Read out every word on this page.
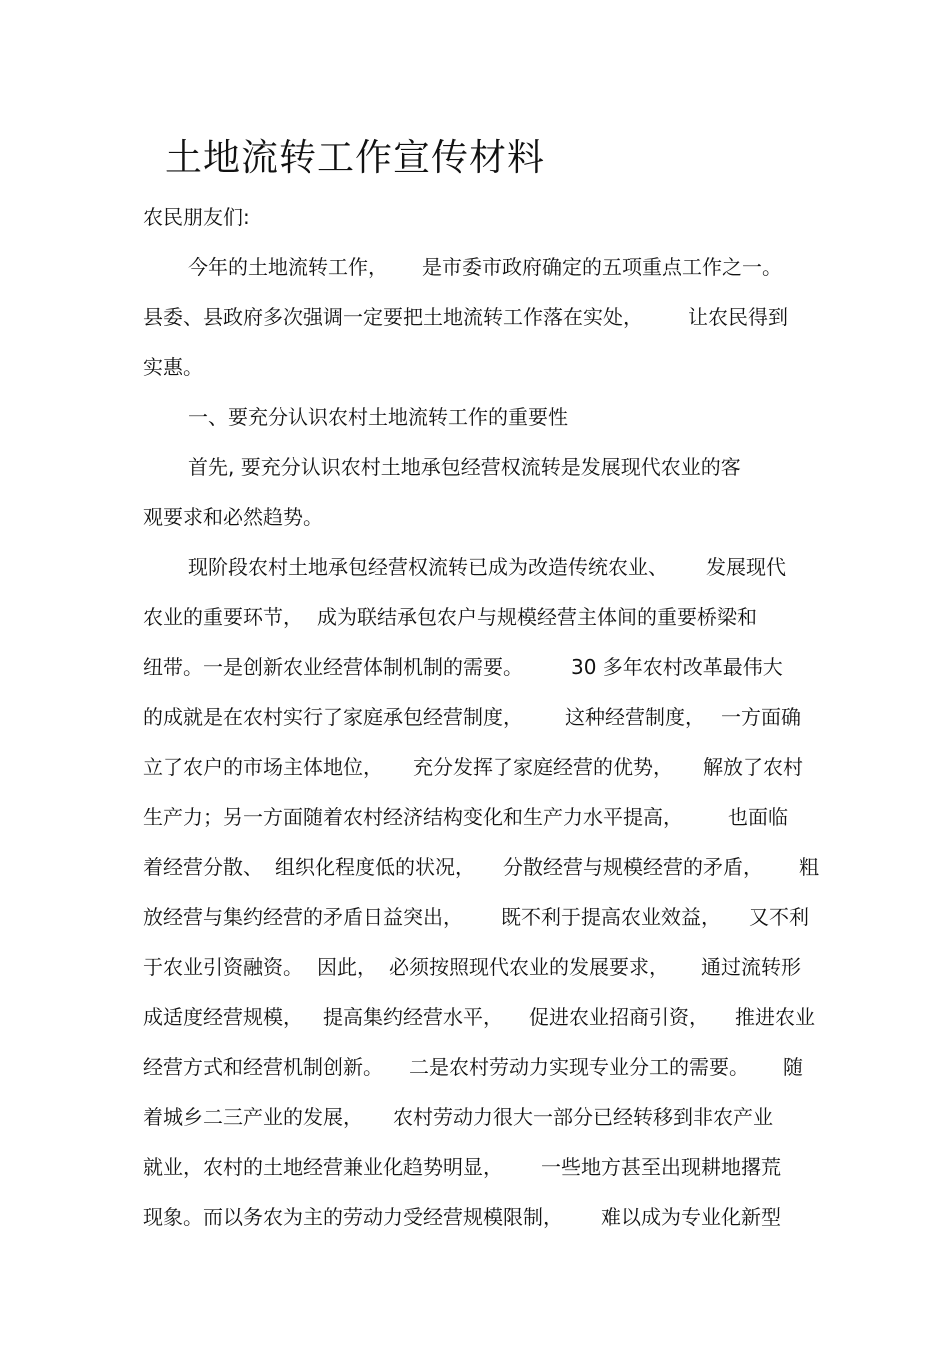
土地流转工作宣传材料

农民朋友们:

今年的土地流转工作， 是市委市政府确定的五项重点工作之一。

县委、县政府多次强调一定要把土地流转工作落在实处， 让农民得到

实惠。

一、要充分认识农村土地流转工作的重要性

首先, 要充分认识农村土地承包经营权流转是发展现代农业的客

观要求和必然趋势。

现阶段农村土地承包经营权流转已成为改造传统农业、 发展现代

农业的重要环节， 成为联结承包农户与规模经营主体间的重要桥梁和

纽带。一是创新农业经营体制机制的需要。 30 多年农村改革最伟大

的成就是在农村实行了家庭承包经营制度， 这种经营制度， 一方面确

立了农户的市场主体地位， 充分发挥了家庭经营的优势， 解放了农村

生产力；另一方面随着农村经济结构变化和生产力水平提高， 也面临

着经营分散、 组织化程度低的状况， 分散经营与规模经营的矛盾， 粗

放经营与集约经营的矛盾日益突出， 既不利于提高农业效益， 又不利

于农业引资融资。 因此， 必须按照现代农业的发展要求， 通过流转形

成适度经营规模， 提高集约经营水平， 促进农业招商引资， 推进农业

经营方式和经营机制创新。 二是农村劳动力实现专业分工的需要。 随

着城乡二三产业的发展， 农村劳动力很大一部分已经转移到非农产业

就业，农村的土地经营兼业化趋势明显， 一些地方甚至出现耕地撂荒

现象。而以务农为主的劳动力受经营规模限制， 难以成为专业化新型
